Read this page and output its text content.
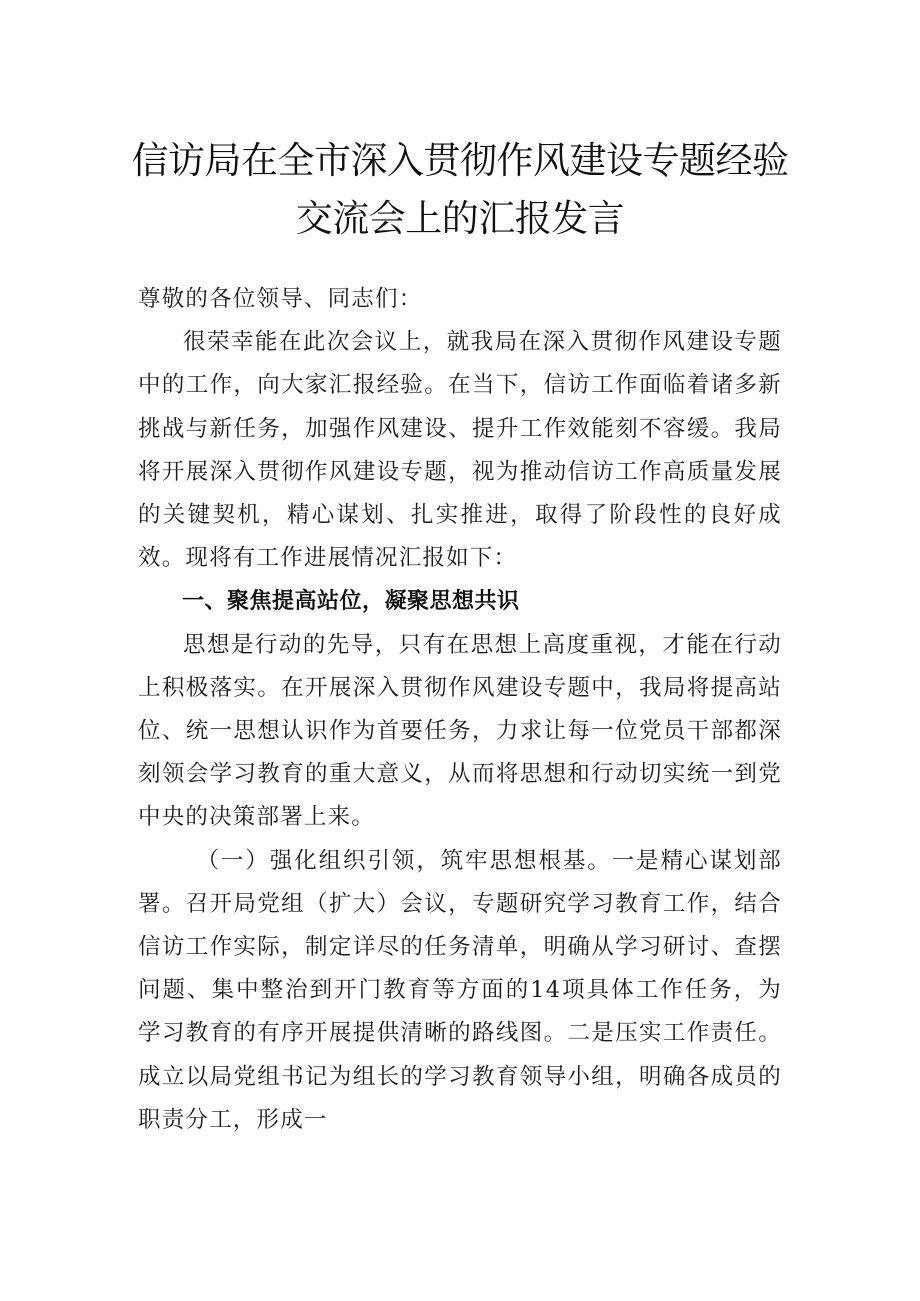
信访局在全市深入贯彻作风建设专题经验
交流会上的汇报发言

尊敬的各位领导、同志们：

很荣幸能在此次会议上，就我局在深入贯彻作风建设专题中的工作，向大家汇报经验。在当下，信访工作面临着诸多新挑战与新任务，加强作风建设、提升工作效能刻不容缓。我局将开展深入贯彻作风建设专题，视为推动信访工作高质量发展的关键契机，精心谋划、扎实推进，取得了阶段性的良好成效。现将有工作进展情况汇报如下：

一、聚焦提高站位，凝聚思想共识

思想是行动的先导，只有在思想上高度重视，才能在行动上积极落实。在开展深入贯彻作风建设专题中，我局将提高站位、统一思想认识作为首要任务，力求让每一位党员干部都深刻领会学习教育的重大意义，从而将思想和行动切实统一到党中央的决策部署上来。

（一）强化组织引领，筑牢思想根基。一是精心谋划部署。召开局党组（扩大）会议，专题研究学习教育工作，结合信访工作实际，制定详尽的任务清单，明确从学习研讨、查摆问题、集中整治到开门教育等方面的14项具体工作任务，为学习教育的有序开展提供清晰的路线图。二是压实工作责任。成立以局党组书记为组长的学习教育领导小组，明确各成员的职责分工，形成一
